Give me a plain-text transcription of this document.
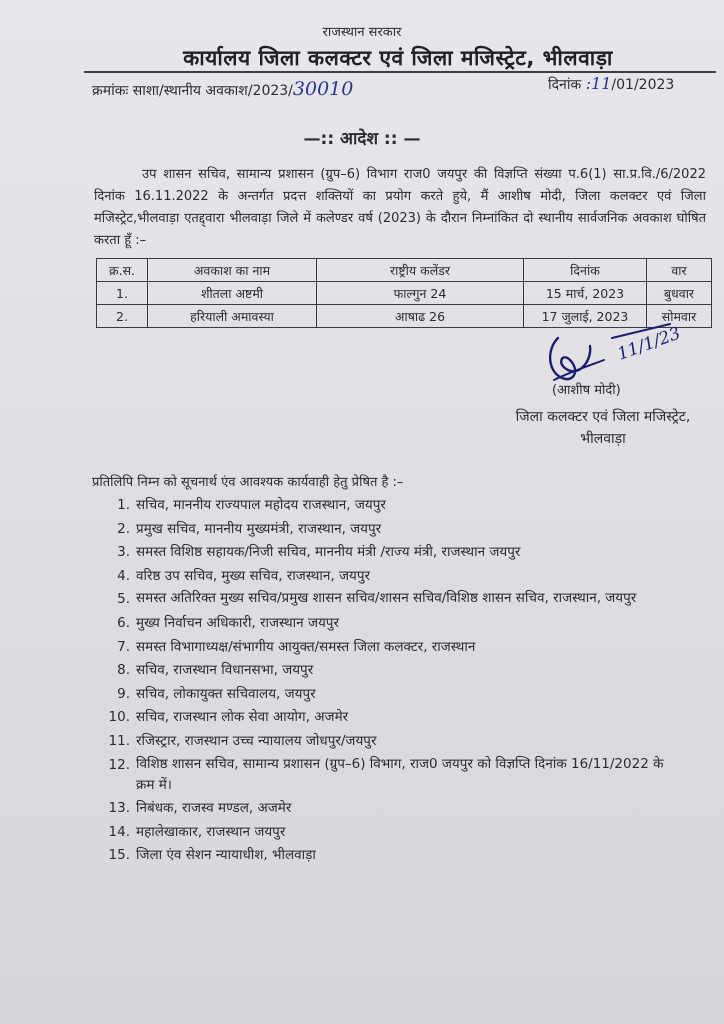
राजस्थान सरकार
कार्यालय जिला कलक्टर एवं जिला मजिस्ट्रेट, भीलवाड़ा
क्रमांकः साशा/स्थानीय अवकाश/2023/30010	दिनांक :11/01/2023
—:: आदेश :: —
उप शासन सचिव, सामान्य प्रशासन (ग्रुप–6) विभाग राज0 जयपुर की विज्ञप्ति संख्या प.6(1) सा.प्र.वि./6/2022 दिनांक 16.11.2022 के अन्तर्गत प्रदत्त शक्तियों का प्रयोग करते हुये, मैं आशीष मोदी, जिला कलक्टर एवं जिला मजिस्ट्रेट,भीलवाड़ा एतद्द्वारा भीलवाड़ा जिले में कलेण्डर वर्ष (2023) के दौरान निम्नांकित दो स्थानीय सार्वजनिक अवकाश घोषित करता हूँ :–
क्र.स.	अवकाश का नाम	राष्ट्रीय कलेंडर	दिनांक	वार
1.	शीतला अष्टमी	फाल्गुन 24	15 मार्च, 2023	बुधवार
2.	हरियाली अमावस्या	आषाढ 26	17 जुलाई, 2023	सोमवार
11/1/23
(आशीष मोदी)
जिला कलक्टर एवं जिला मजिस्ट्रेट,
भीलवाड़ा
प्रतिलिपि निम्न को सूचनार्थ एंव आवश्यक कार्यवाही हेतु प्रेषित है :–
1. सचिव, माननीय राज्यपाल महोदय राजस्थान, जयपुर
2. प्रमुख सचिव, माननीय मुख्यमंत्री, राजस्थान, जयपुर
3. समस्त विशिष्ठ सहायक/निजी सचिव, माननीय मंत्री /राज्य मंत्री, राजस्थान जयपुर
4. वरिष्ठ उप सचिव, मुख्य सचिव, राजस्थान, जयपुर
5. समस्त अतिरिक्त मुख्य सचिव/प्रमुख शासन सचिव/शासन सचिव/विशिष्ठ शासन सचिव, राजस्थान, जयपुर
6. मुख्य निर्वाचन अधिकारी, राजस्थान जयपुर
7. समस्त विभागाध्यक्ष/संभागीय आयुक्त/समस्त जिला कलक्टर, राजस्थान
8. सचिव, राजस्थान विधानसभा, जयपुर
9. सचिव, लोकायुक्त सचिवालय, जयपुर
10. सचिव, राजस्थान लोक सेवा आयोग, अजमेर
11. रजिस्ट्रार, राजस्थान उच्च न्यायालय जोधपुर/जयपुर
12. विशिष्ठ शासन सचिव, सामान्य प्रशासन (ग्रुप–6) विभाग, राज0 जयपुर को विज्ञप्ति दिनांक 16/11/2022 के क्रम में।
13. निबंधक, राजस्व मण्डल, अजमेर
14. महालेखाकार, राजस्थान जयपुर
15. जिला एंव सेशन न्यायाधीश, भीलवाड़ा
